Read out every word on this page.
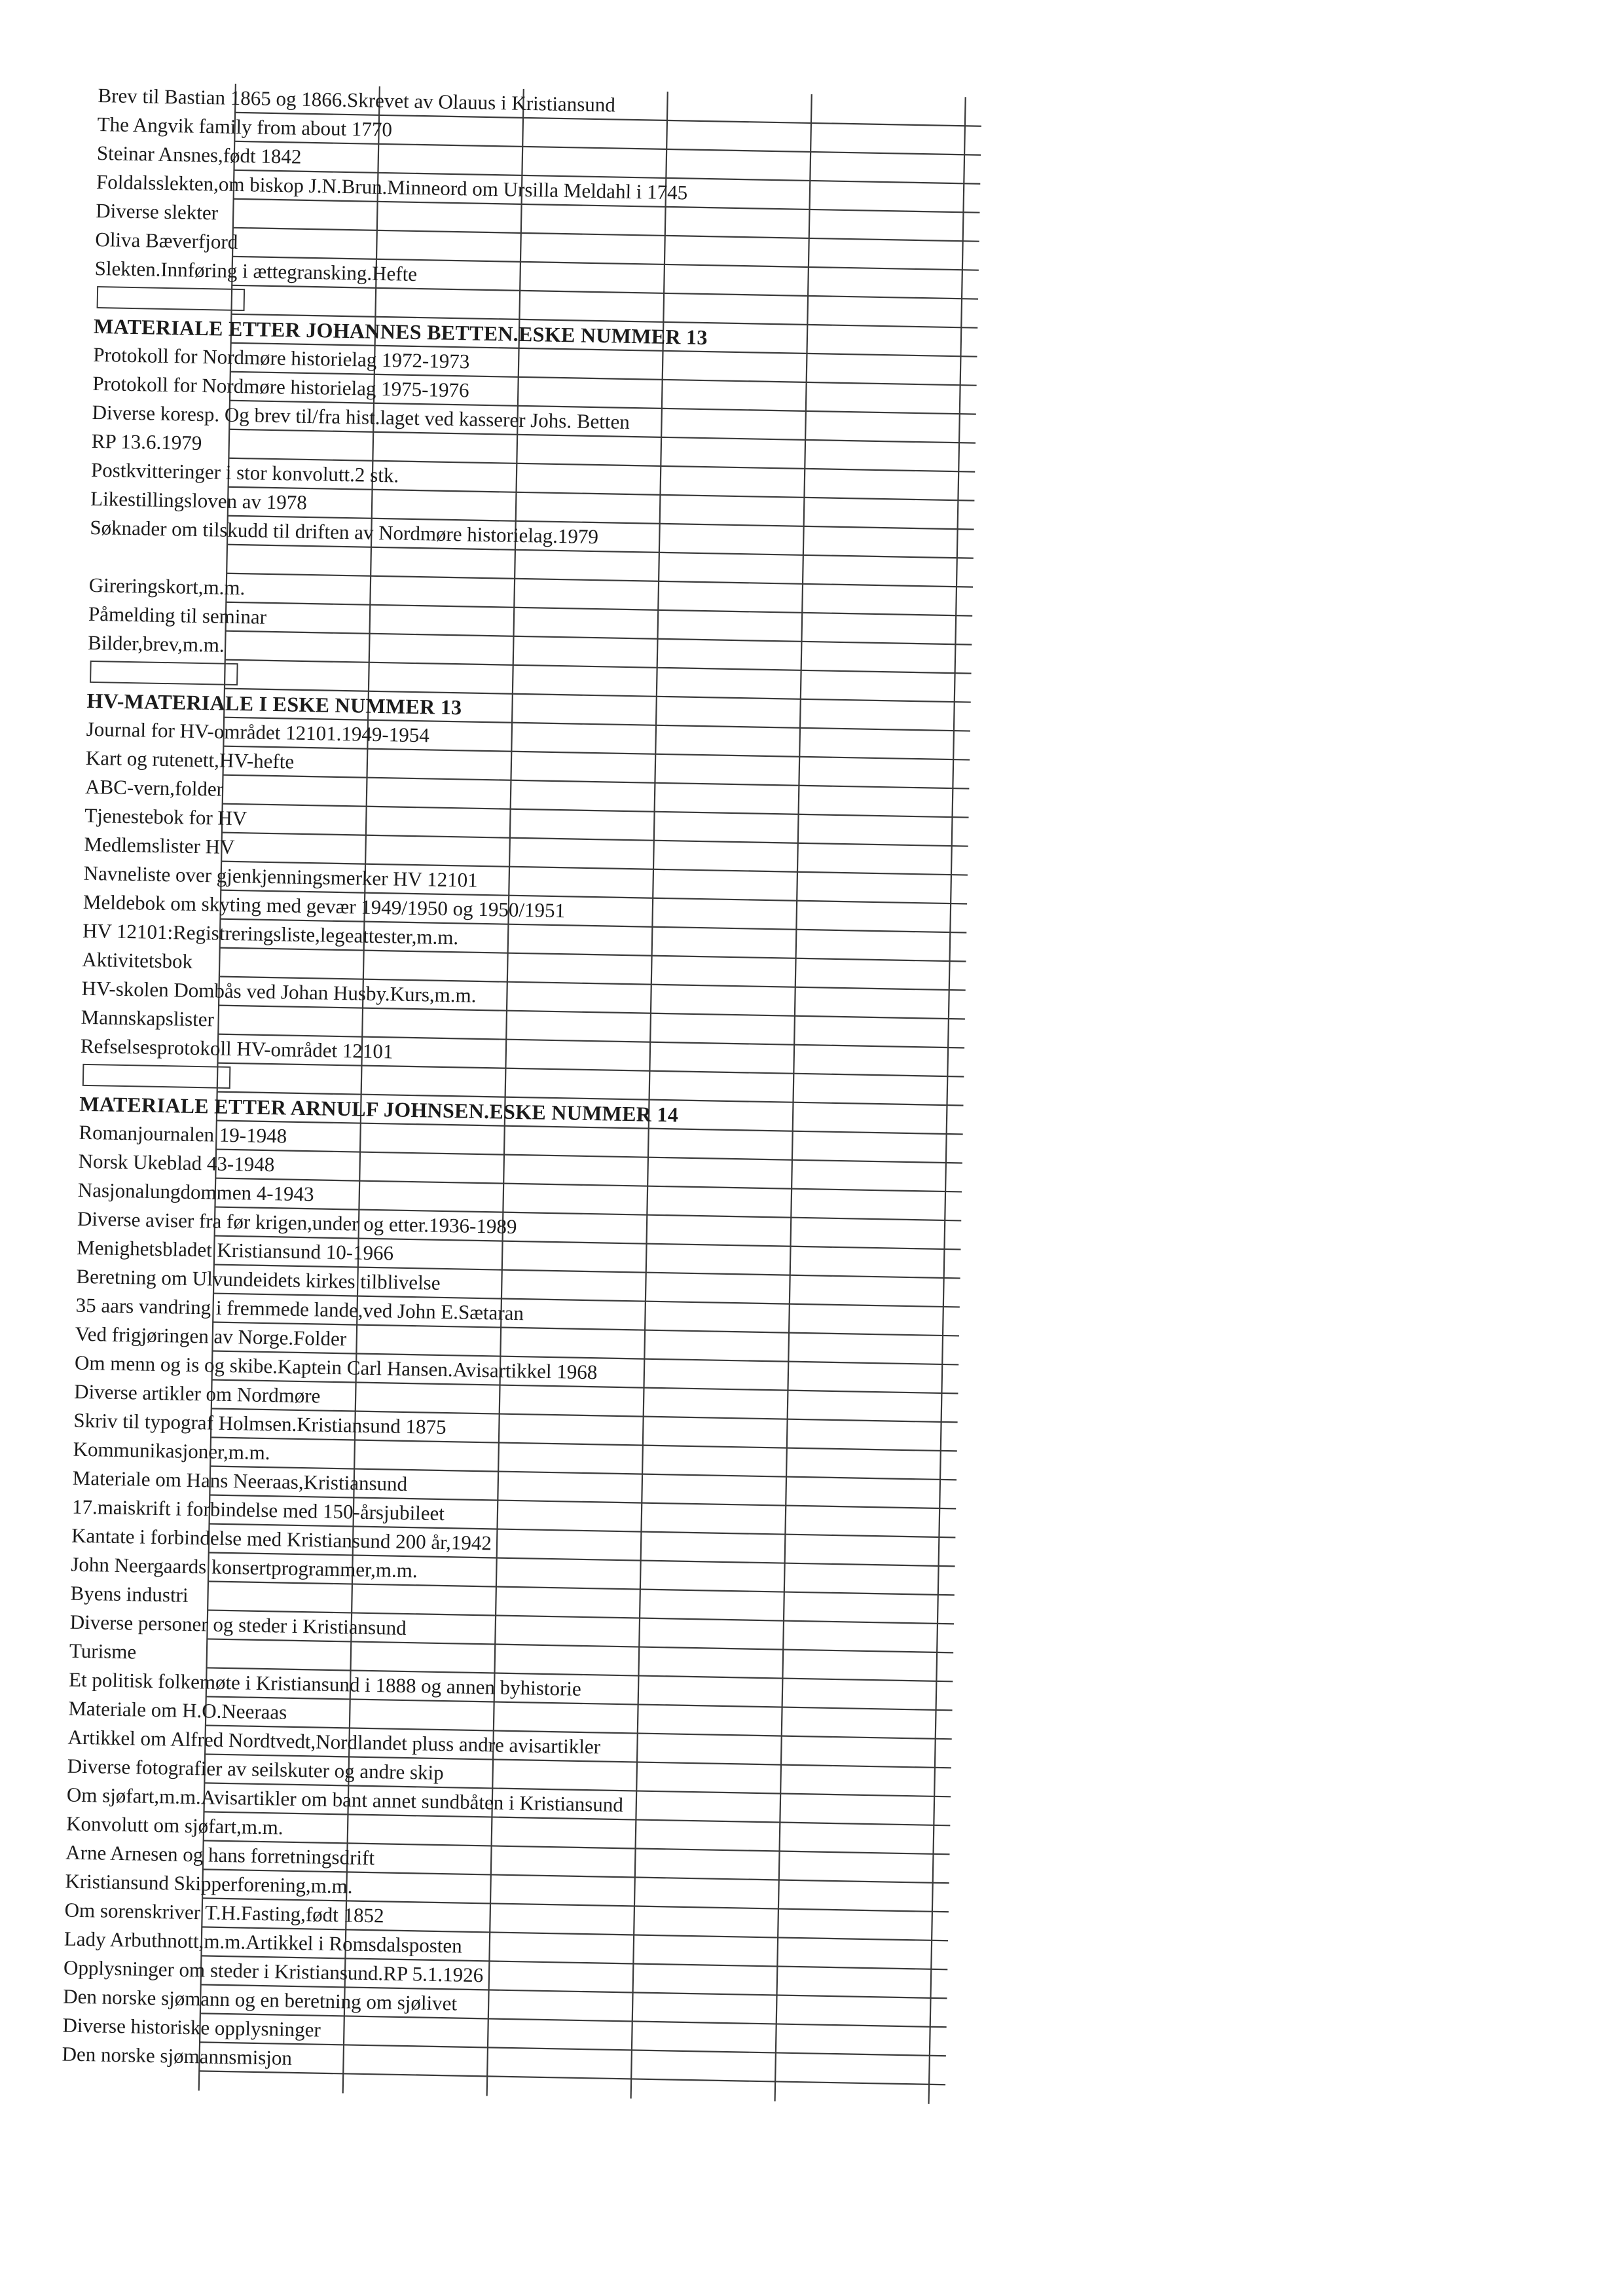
Brev til Bastian 1865 og 1866.Skrevet av Olauus i Kristiansund
The Angvik family from about 1770
Steinar Ansnes,født 1842
Foldalsslekten,om biskop J.N.Brun.Minneord om Ursilla Meldahl i 1745
Diverse slekter
Oliva Bæverfjord
Slekten.Innføring i ættegransking.Hefte
MATERIALE ETTER JOHANNES BETTEN.ESKE NUMMER 13
Protokoll for Nordmøre historielag 1972-1973
Protokoll for Nordmøre historielag 1975-1976
Diverse koresp. Og brev til/fra hist.laget ved kasserer Johs. Betten
RP 13.6.1979
Postkvitteringer i stor konvolutt.2 stk.
Likestillingsloven av 1978
Søknader om tilskudd til driften av Nordmøre historielag.1979
Gireringskort,m.m.
Påmelding til seminar
Bilder,brev,m.m.
HV-MATERIALE I ESKE NUMMER 13
Journal for HV-området 12101.1949-1954
Kart og rutenett,HV-hefte
ABC-vern,folder
Tjenestebok for HV
Medlemslister HV
Navneliste over gjenkjenningsmerker HV 12101
Meldebok om skyting med gevær 1949/1950 og 1950/1951
HV 12101:Registreringsliste,legeattester,m.m.
Aktivitetsbok
HV-skolen Dombås ved Johan Husby.Kurs,m.m.
Mannskapslister
Refselsesprotokoll HV-området 12101
MATERIALE ETTER ARNULF JOHNSEN.ESKE NUMMER 14
Romanjournalen 19-1948
Norsk Ukeblad 43-1948
Nasjonalungdommen 4-1943
Diverse aviser fra før krigen,under og etter.1936-1989
Menighetsbladet Kristiansund 10-1966
Beretning om Ulvundeidets kirkes tilblivelse
35 aars vandring i fremmede lande,ved John E.Sætaran
Ved frigjøringen av Norge.Folder
Om menn og is og skibe.Kaptein Carl Hansen.Avisartikkel 1968
Diverse artikler om Nordmøre
Skriv til typograf Holmsen.Kristiansund 1875
Kommunikasjoner,m.m.
Materiale om Hans Neeraas,Kristiansund
17.maiskrift i forbindelse med 150-årsjubileet
Kantate i forbindelse med Kristiansund 200 år,1942
John Neergaards konsertprogrammer,m.m.
Byens industri
Diverse personer og steder i Kristiansund
Turisme
Et politisk folkemøte i Kristiansund i 1888 og annen byhistorie
Materiale om H.O.Neeraas
Artikkel om Alfred Nordtvedt,Nordlandet pluss andre avisartikler
Diverse fotografier av seilskuter og andre skip
Om sjøfart,m.m.Avisartikler om bant annet sundbåten i Kristiansund
Konvolutt om sjøfart,m.m.
Arne Arnesen og hans forretningsdrift
Kristiansund Skipperforening,m.m.
Om sorenskriver T.H.Fasting,født 1852
Lady Arbuthnott,m.m.Artikkel i Romsdalsposten
Opplysninger om steder i Kristiansund.RP 5.1.1926
Den norske sjømann og en beretning om sjølivet
Diverse historiske opplysninger
Den norske sjømannsmisjon
